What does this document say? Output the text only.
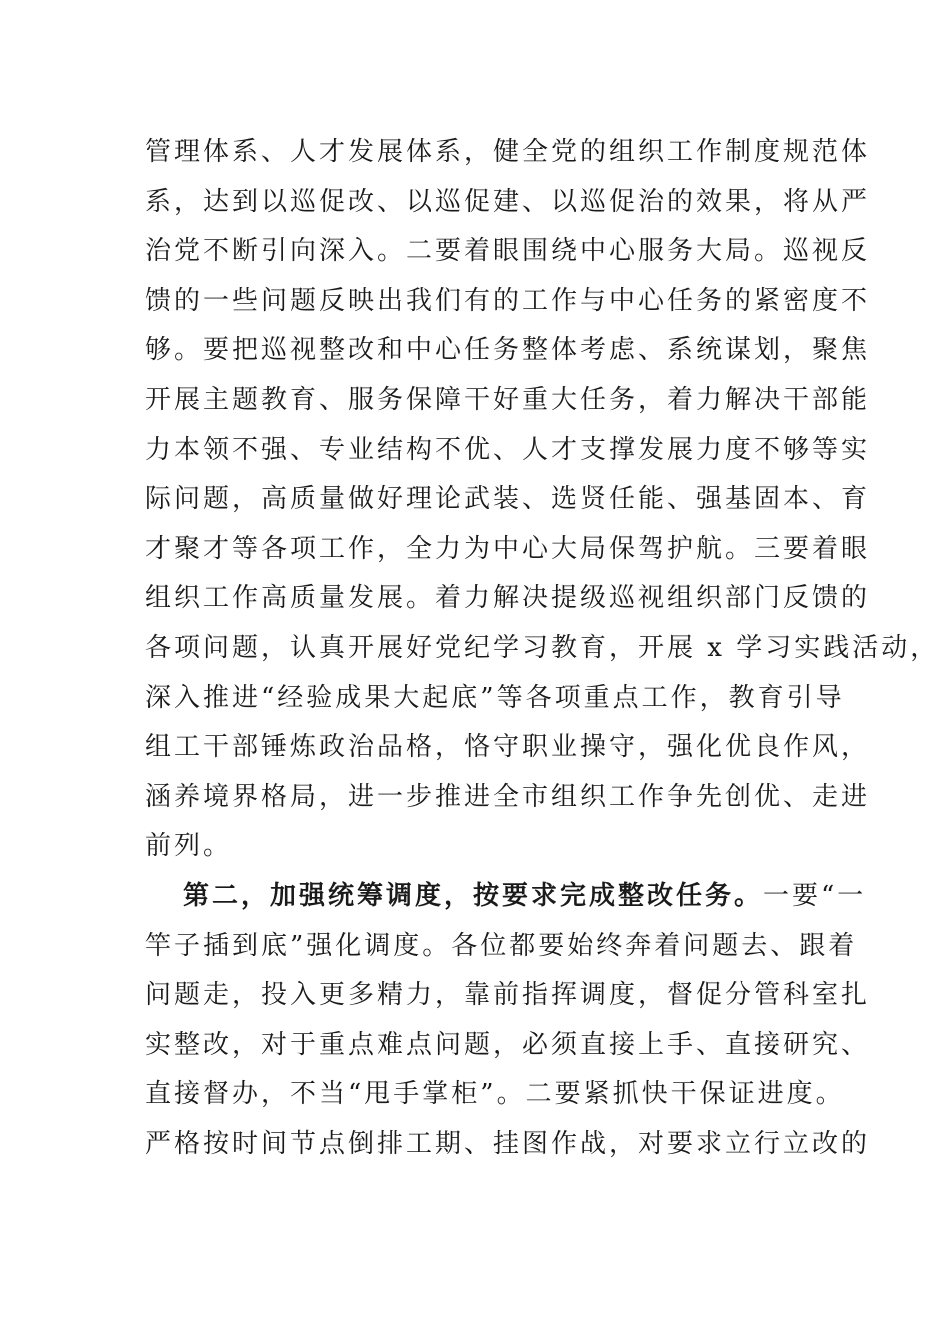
管理体系、人才发展体系，健全党的组织工作制度规范体
系，达到以巡促改、以巡促建、以巡促治的效果，将从严
治党不断引向深入。二要着眼围绕中心服务大局。巡视反
馈的一些问题反映出我们有的工作与中心任务的紧密度不
够。要把巡视整改和中心任务整体考虑、系统谋划，聚焦
开展主题教育、服务保障干好重大任务，着力解决干部能
力本领不强、专业结构不优、人才支撑发展力度不够等实
际问题，高质量做好理论武装、选贤任能、强基固本、育
才聚才等各项工作，全力为中心大局保驾护航。三要着眼
组织工作高质量发展。着力解决提级巡视组织部门反馈的
各项问题，认真开展好党纪学习教育，开展 x 学习实践活动，
深入推进“经验成果大起底”等各项重点工作，教育引导
组工干部锤炼政治品格，恪守职业操守，强化优良作风，
涵养境界格局，进一步推进全市组织工作争先创优、走进
前列。
第二，加强统筹调度，按要求完成整改任务。一要“一
竿子插到底”强化调度。各位都要始终奔着问题去、跟着
问题走，投入更多精力，靠前指挥调度，督促分管科室扎
实整改，对于重点难点问题，必须直接上手、直接研究、
直接督办，不当“甩手掌柜”。二要紧抓快干保证进度。
严格按时间节点倒排工期、挂图作战，对要求立行立改的
